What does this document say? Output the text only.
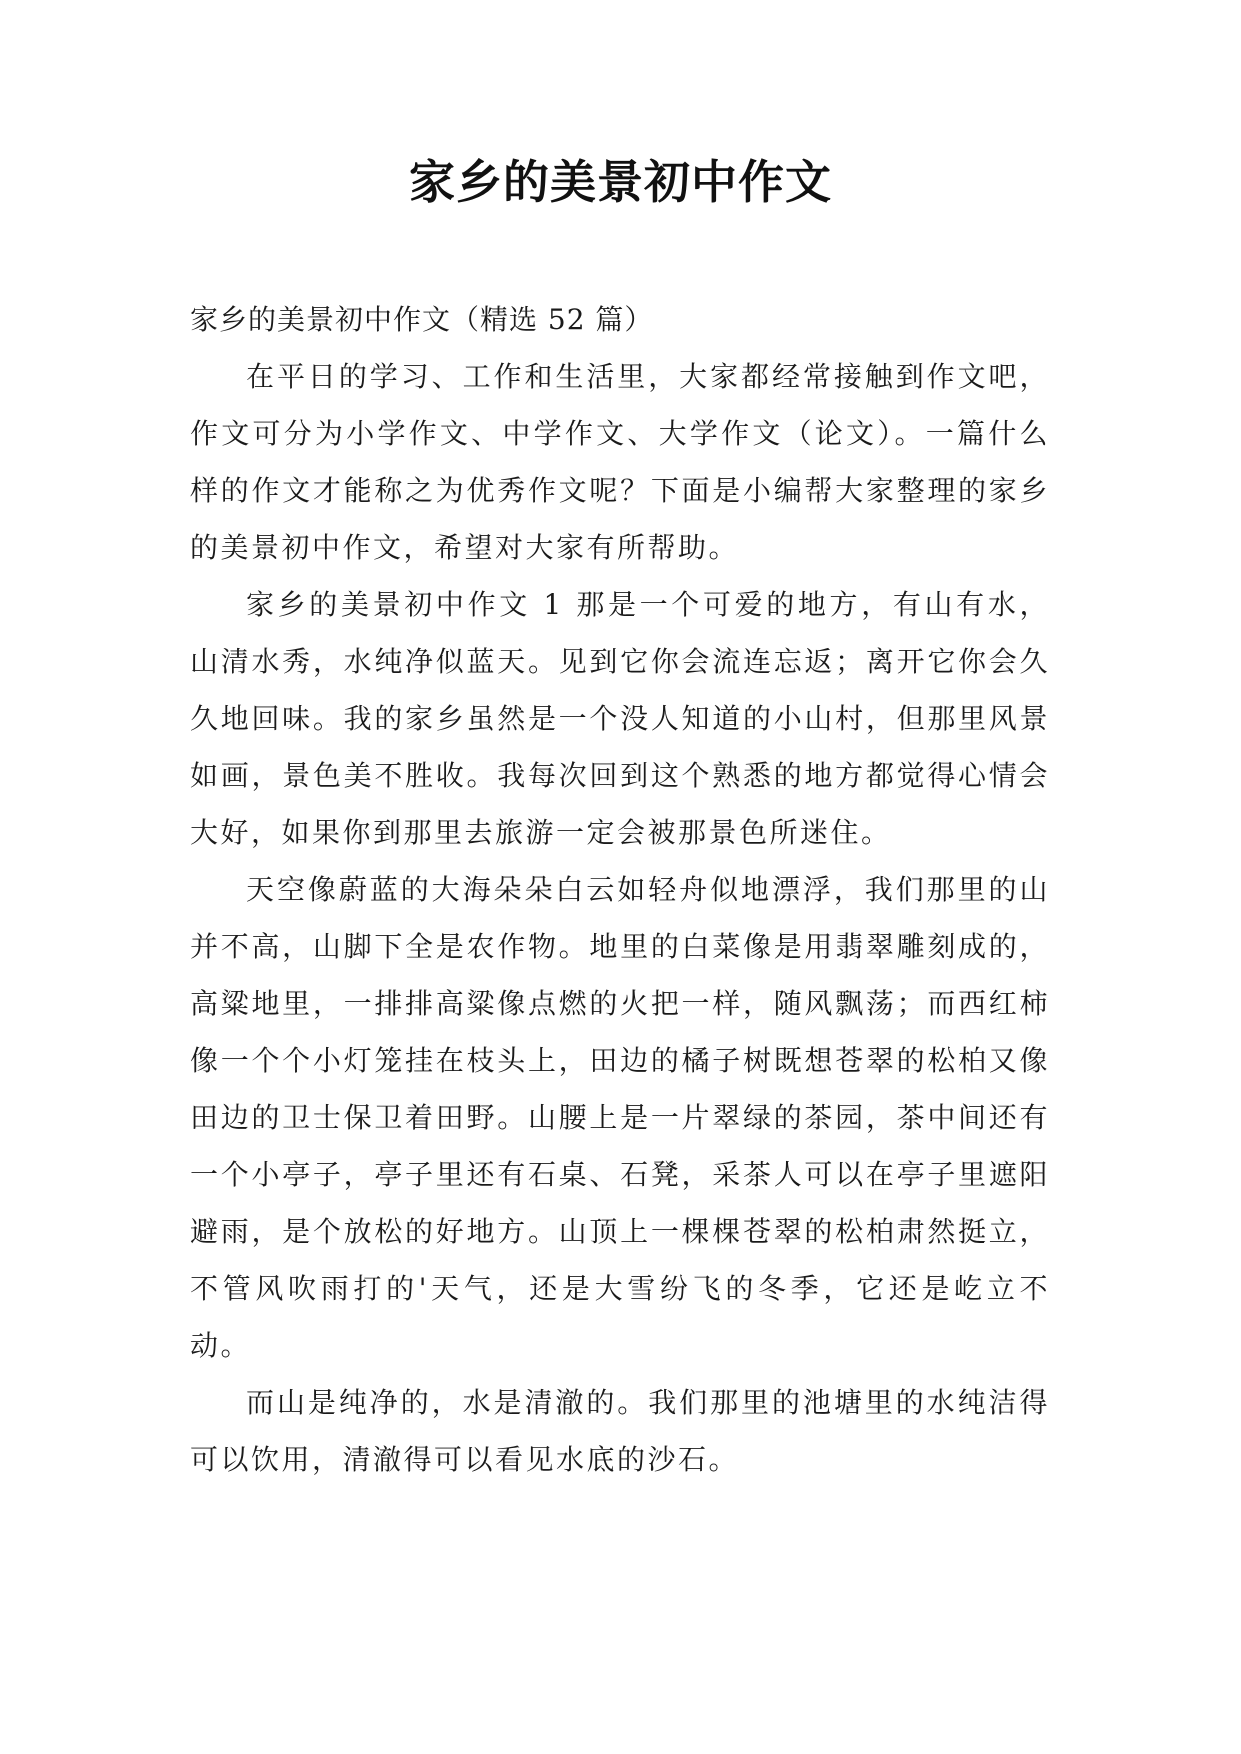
家乡的美景初中作文

家乡的美景初中作文（精选 52 篇）

在平日的学习、工作和生活里，大家都经常接触到作文吧，作文可分为小学作文、中学作文、大学作文（论文）。一篇什么样的作文才能称之为优秀作文呢？下面是小编帮大家整理的家乡的美景初中作文，希望对大家有所帮助。

家乡的美景初中作文 1 那是一个可爱的地方，有山有水，山清水秀，水纯净似蓝天。见到它你会流连忘返；离开它你会久久地回味。我的家乡虽然是一个没人知道的小山村，但那里风景如画，景色美不胜收。我每次回到这个熟悉的地方都觉得心情会大好，如果你到那里去旅游一定会被那景色所迷住。

天空像蔚蓝的大海朵朵白云如轻舟似地漂浮，我们那里的山并不高，山脚下全是农作物。地里的白菜像是用翡翠雕刻成的，高粱地里，一排排高粱像点燃的火把一样，随风飘荡；而西红柿像一个个小灯笼挂在枝头上，田边的橘子树既想苍翠的松柏又像田边的卫士保卫着田野。山腰上是一片翠绿的茶园，茶中间还有一个小亭子，亭子里还有石桌、石凳，采茶人可以在亭子里遮阳避雨，是个放松的好地方。山顶上一棵棵苍翠的松柏肃然挺立，不管风吹雨打的'天气，还是大雪纷飞的冬季，它还是屹立不动。

而山是纯净的，水是清澈的。我们那里的池塘里的水纯洁得可以饮用，清澈得可以看见水底的沙石。
